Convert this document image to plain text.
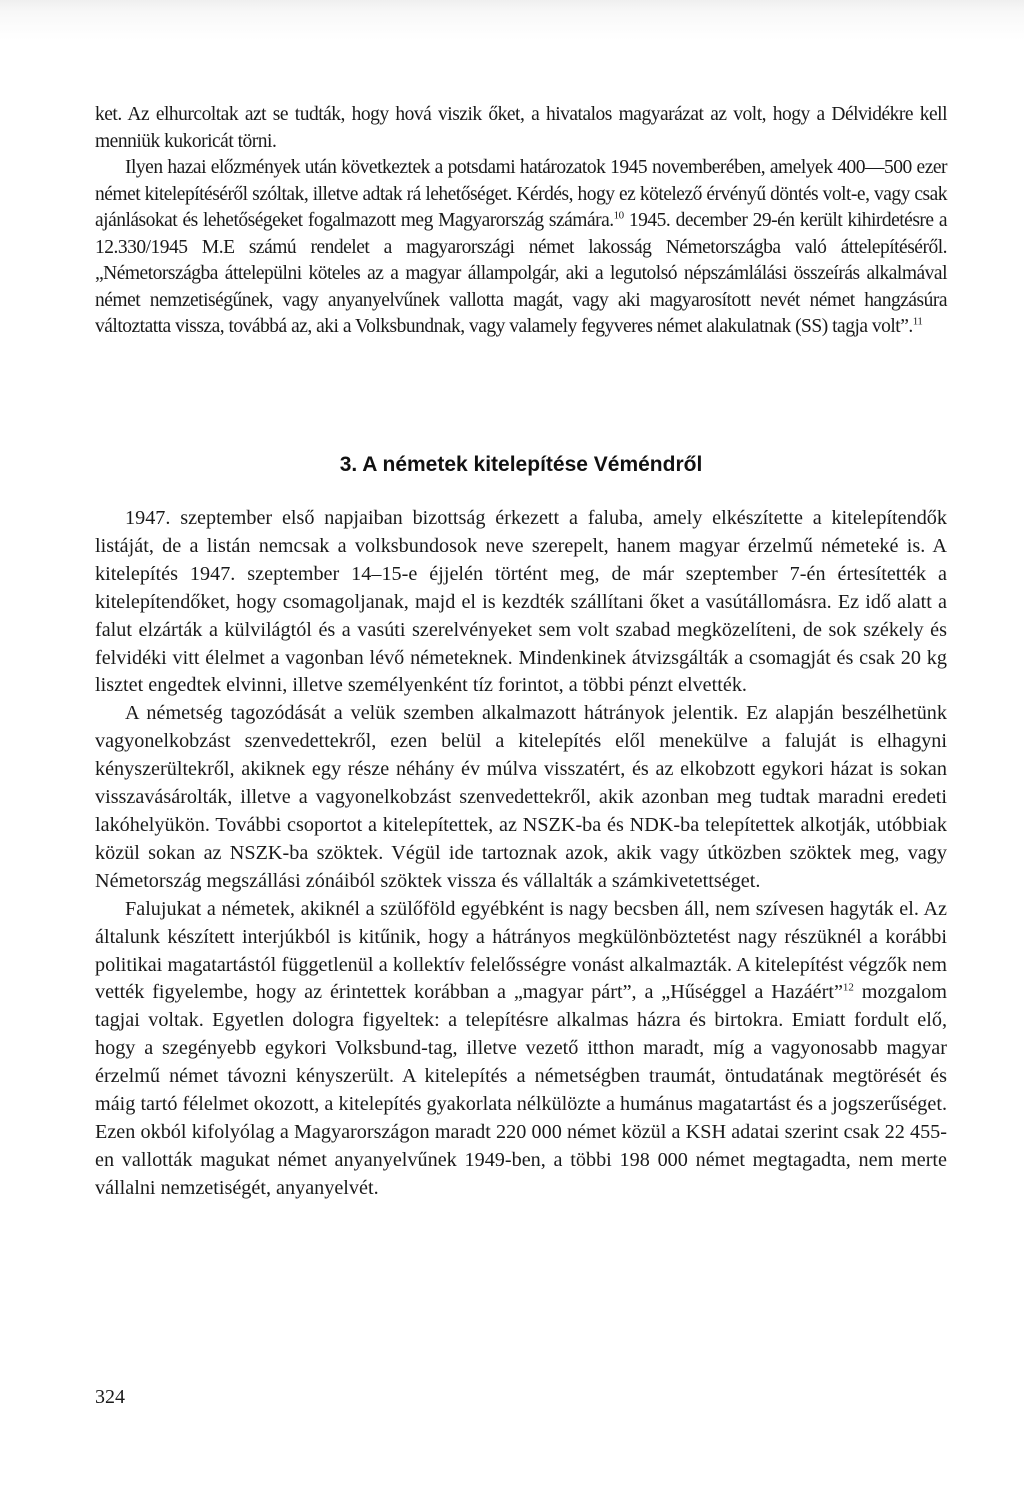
ket. Az elhurcoltak azt se tudták, hogy hová viszik őket, a hivatalos magyarázat az volt, hogy a Délvidékre kell menniük kukoricát törni.

Ilyen hazai előzmények után következtek a potsdami határozatok 1945 novemberében, amelyek 400—500 ezer német kitelepítéséről szóltak, illetve adtak rá lehetőséget. Kérdés, hogy ez kötelező érvényű döntés volt-e, vagy csak ajánlásokat és lehetőségeket fogalmazott meg Magyarország számára.$^{10}$ 1945. december 29-én került kihirdetésre a 12.330/1945 M.E számú rendelet a magyarországi német lakosság Németországba való áttelepítéséről. „Németországba áttelepülni köteles az a magyar állampolgár, aki a legutolsó népszámlálási összeírás alkalmával német nemzetiségűnek, vagy anyanyelvűnek vallotta magát, vagy aki magyarosított nevét német hangzásúra változtatta vissza, továbbá az, aki a Volksbundnak, vagy valamely fegyveres német alakulatnak (SS) tagja volt”.$^{11}$

3. A németek kitelepítése Véméndről

1947. szeptember első napjaiban bizottság érkezett a faluba, amely elkészítette a kitelepítendők listáját, de a listán nemcsak a volksbundosok neve szerepelt, hanem magyar érzelmű németeké is. A kitelepítés 1947. szeptember 14–15-e éjjelén történt meg, de már szeptember 7-én értesítették a kitelepítendőket, hogy csomagoljanak, majd el is kezdték szállítani őket a vasútállomásra. Ez idő alatt a falut elzárták a külvilágtól és a vasúti szerelvényeket sem volt szabad megközelíteni, de sok székely és felvidéki vitt élelmet a vagonban lévő németeknek. Mindenkinek átvizsgálták a csomagját és csak 20 kg lisztet engedtek elvinni, illetve személyenként tíz forintot, a többi pénzt elvették.

A németség tagozódását a velük szemben alkalmazott hátrányok jelentik. Ez alapján beszélhetünk vagyonelkobzást szenvedettekről, ezen belül a kitelepítés elől menekülve a faluját is elhagyni kényszerültekről, akiknek egy része néhány év múlva visszatért, és az elkobzott egykori házat is sokan visszavásárolták, illetve a vagyonelkobzást szenvedettekről, akik azonban meg tudtak maradni eredeti lakóhelyükön. További csoportot a kitelepítettek, az NSZK-ba és NDK-ba telepítettek alkotják, utóbbiak közül sokan az NSZK-ba szöktek. Végül ide tartoznak azok, akik vagy útközben szöktek meg, vagy Németország megszállási zónáiból szöktek vissza és vállalták a számkivetettséget.

Falujukat a németek, akiknél a szülőföld egyébként is nagy becsben áll, nem szívesen hagyták el. Az általunk készített interjúkból is kitűnik, hogy a hátrányos megkülönböztetést nagy részüknél a korábbi politikai magatartástól függetlenül a kollektív felelősségre vonást alkalmazták. A kitelepítést végzők nem vették figyelembe, hogy az érintettek korábban a „magyar párt”, a „Hűséggel a Hazáért”$^{12}$ mozgalom tagjai voltak. Egyetlen dologra figyeltek: a telepítésre alkalmas házra és birtokra. Emiatt fordult elő, hogy a szegényebb egykori Volksbund-tag, illetve vezető itthon maradt, míg a vagyonosabb magyar érzelmű német távozni kényszerült. A kitelepítés a németségben traumát, öntudatának megtörését és máig tartó félelmet okozott, a kitelepítés gyakorlata nélkülözte a humánus magatartást és a jogszerűséget. Ezen okból kifolyólag a Magyarországon maradt 220 000 német közül a KSH adatai szerint csak 22 455-en vallották magukat német anyanyelvűnek 1949-ben, a többi 198 000 német megtagadta, nem merte vállalni nemzetiségét, anyanyelvét.

324
